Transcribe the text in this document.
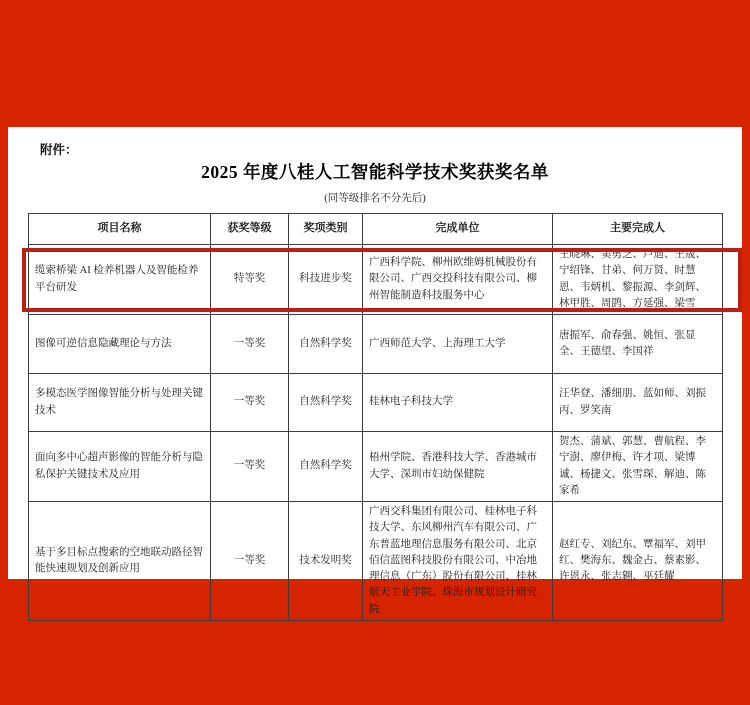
附件：
2025 年度八桂人工智能科学技术奖获奖名单
(同等级排名不分先后)
项目名称	获奖等级	奖项类别	完成单位	主要完成人
缆索桥梁 AI 检养机器人及智能检养平台研发	特等奖	科技进步奖	广西科学院、柳州欧维姆机械股份有限公司、广西交投科技有限公司、柳州智能制造科技服务中心	王晓琳、窦勇芝、卢迪、王晟、宁绍锋、甘弟、何万贤、时慧恩、韦炳机、黎振源、李剑辉、林甲胜、周鹍、方延强、梁雪
图像可逆信息隐藏理论与方法	一等奖	自然科学奖	广西师范大学、上海理工大学	唐振军、俞春强、姚恒、张显全、王德望、李国祥
多模态医学图像智能分析与处理关键技术	一等奖	自然科学奖	桂林电子科技大学	汪华登、潘细朋、蓝如师、刘振丙、罗笑南
面向多中心超声影像的智能分析与隐私保护关键技术及应用	一等奖	自然科学奖	梧州学院、香港科技大学、香港城市大学、深圳市妇幼保健院	贺杰、蒲斌、郭慧、曹航程、李宁澍、廖伊梅、许才项、梁博诚、杨捷文、张雪琛、解迪、陈家希
基于多目标点搜索的空地联动路径智能快速规划及创新应用	一等奖	技术发明奖	广西交科集团有限公司、桂林电子科技大学、东风柳州汽车有限公司、广东普蓝地理信息服务有限公司、北京佰信蓝图科技股份有限公司、中冶地理信息（广东）股份有限公司、桂林航天工业学院、珠海市规划设计研究院	赵红专、刘纪东、覃福军、刘甲红、樊海东、魏金占、蔡素影、许恩永、张志翱、巫廷耀
